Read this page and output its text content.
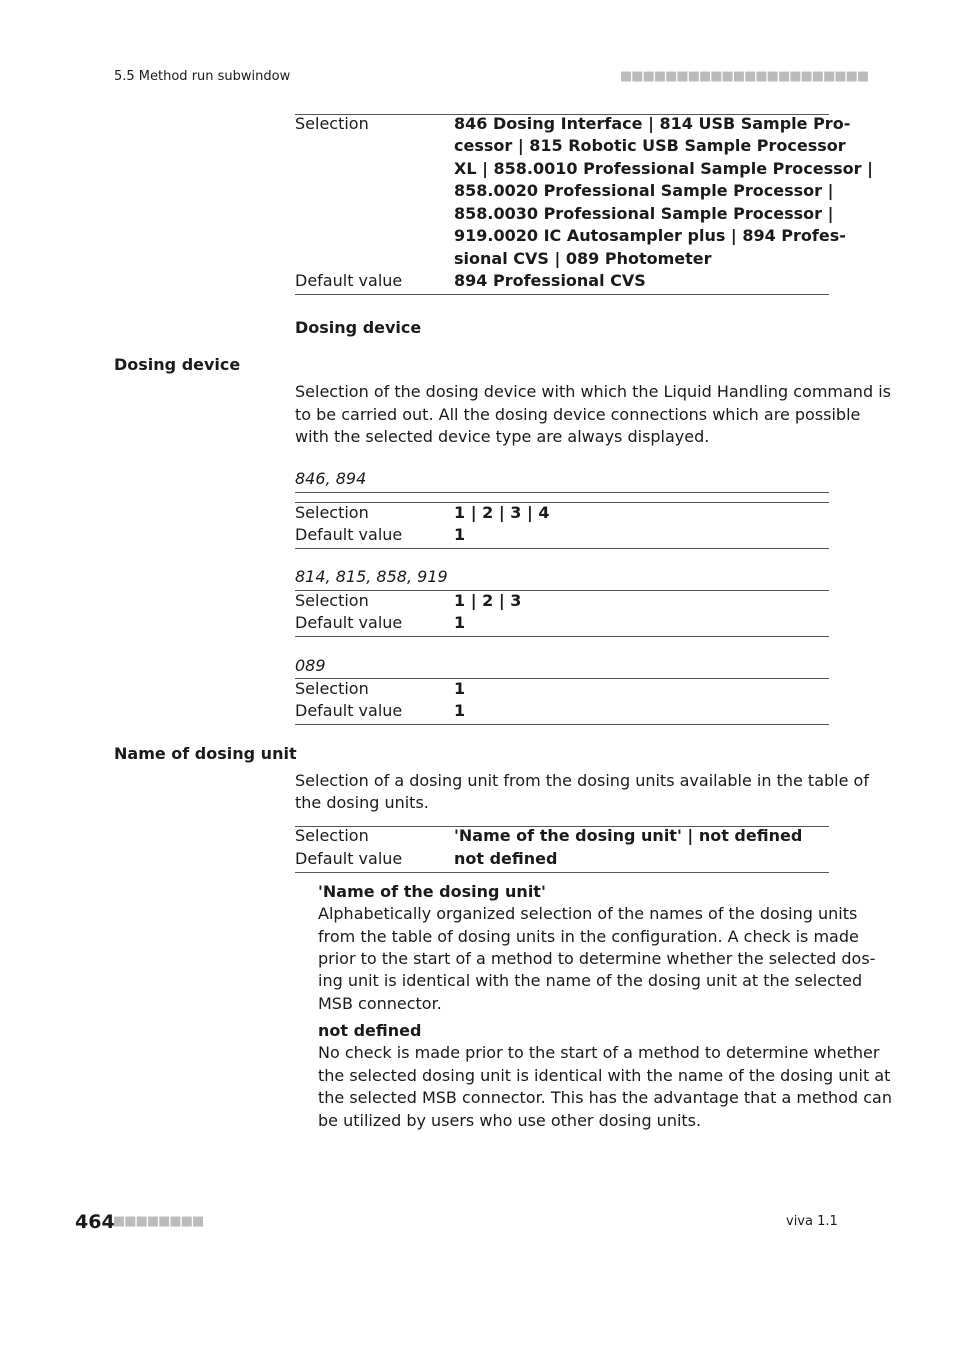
5.5 Method run subwindow	■■■■■■■■■■■■■■■■■■■■■■
Selection	846 Dosing Interface | 814 USB Sample Pro-
cessor | 815 Robotic USB Sample Processor
XL | 858.0010 Professional Sample Processor |
858.0020 Professional Sample Processor |
858.0030 Professional Sample Processor |
919.0020 IC Autosampler plus | 894 Profes-
sional CVS | 089 Photometer
Default value	894 Professional CVS
Dosing device
Dosing device
Selection of the dosing device with which the Liquid Handling command is
to be carried out. All the dosing device connections which are possible
with the selected device type are always displayed.
846, 894
Selection	1 | 2 | 3 | 4
Default value	1
814, 815, 858, 919
Selection	1 | 2 | 3
Default value	1
089
Selection	1
Default value	1
Name of dosing unit
Selection of a dosing unit from the dosing units available in the table of
the dosing units.
Selection	'Name of the dosing unit' | not defined
Default value	not defined
'Name of the dosing unit'
Alphabetically organized selection of the names of the dosing units
from the table of dosing units in the configuration. A check is made
prior to the start of a method to determine whether the selected dos-
ing unit is identical with the name of the dosing unit at the selected
MSB connector.
not defined
No check is made prior to the start of a method to determine whether
the selected dosing unit is identical with the name of the dosing unit at
the selected MSB connector. This has the advantage that a method can
be utilized by users who use other dosing units.
464
■■■■■■■■	viva 1.1
